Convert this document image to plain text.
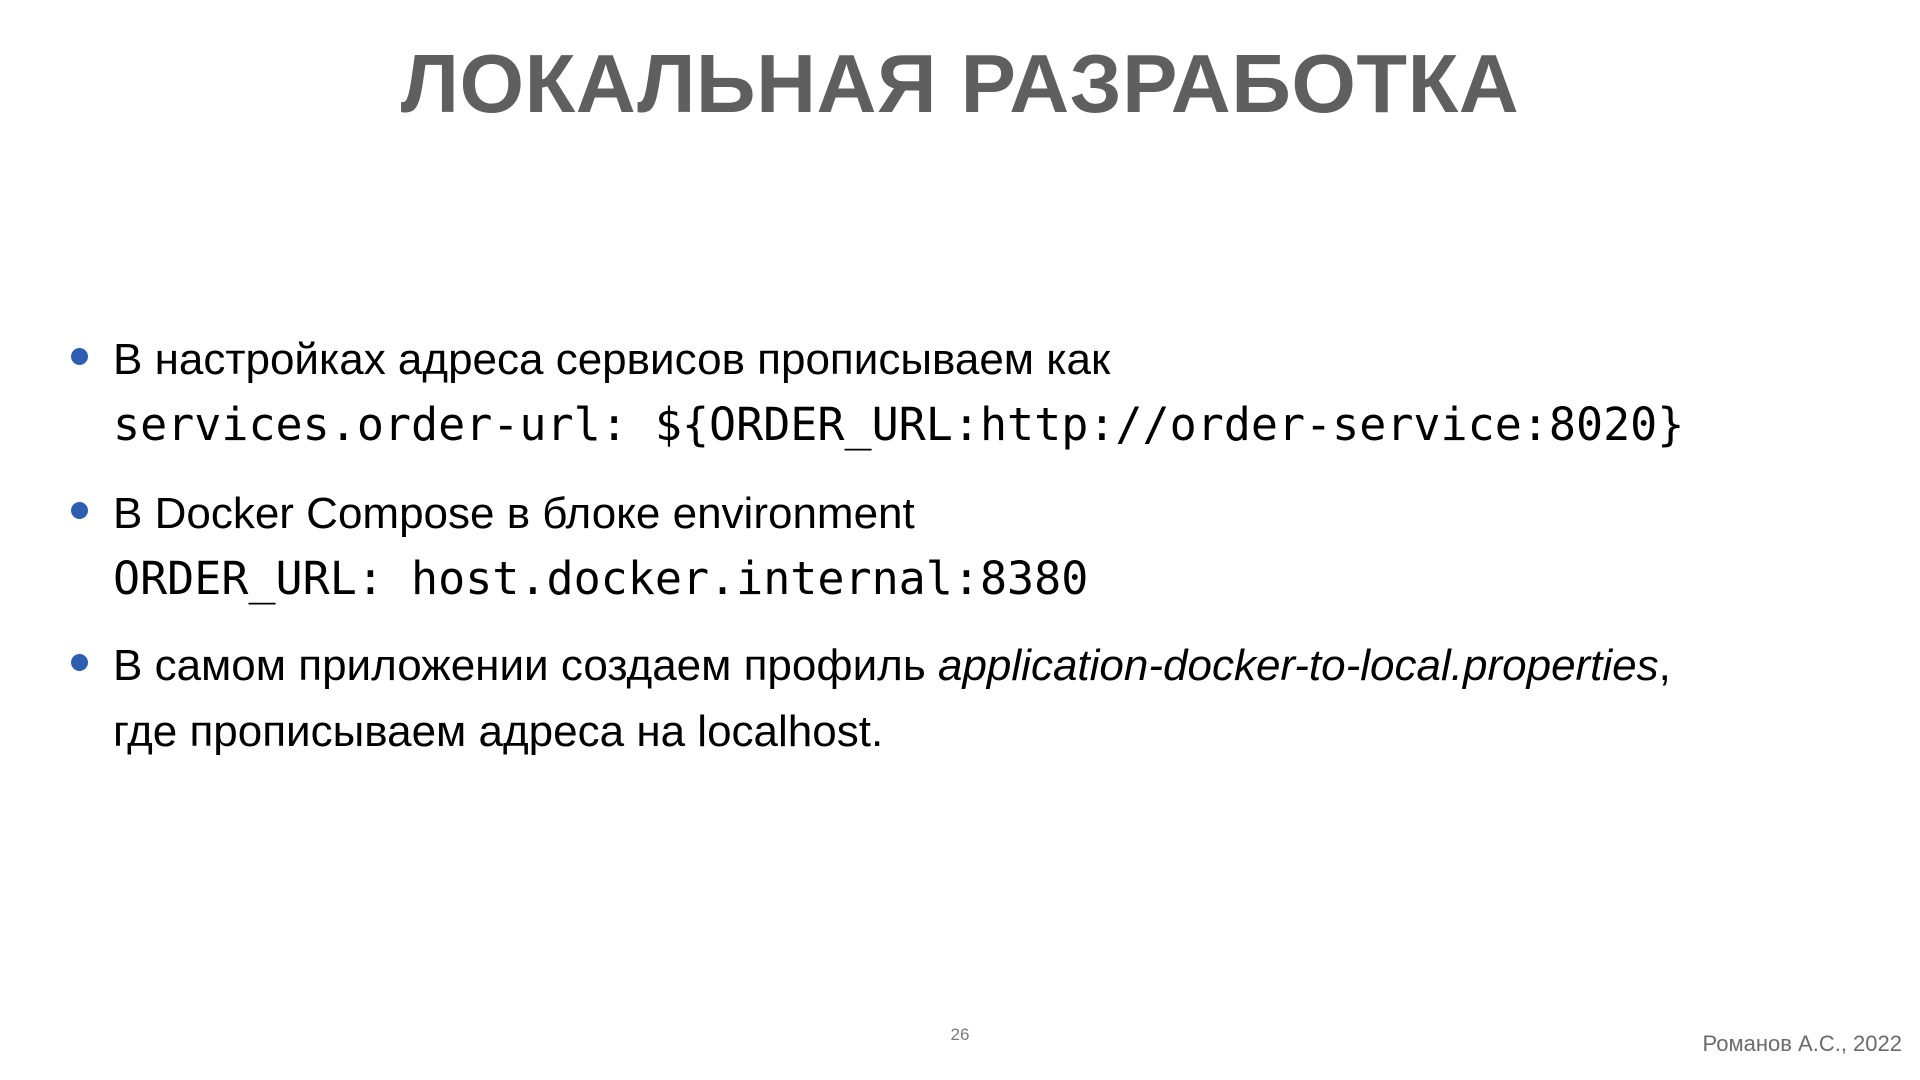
ЛОКАЛЬНАЯ РАЗРАБОТКА
В настройках адреса сервисов прописываем как
services.order-url: ${ORDER_URL:http://order-service:8020}
В Docker Compose в блоке environment
ORDER_URL: host.docker.internal:8380
В самом приложении создаем профиль application-docker-to-local.properties,
где прописываем адреса на localhost.
26	Романов А.С., 2022
